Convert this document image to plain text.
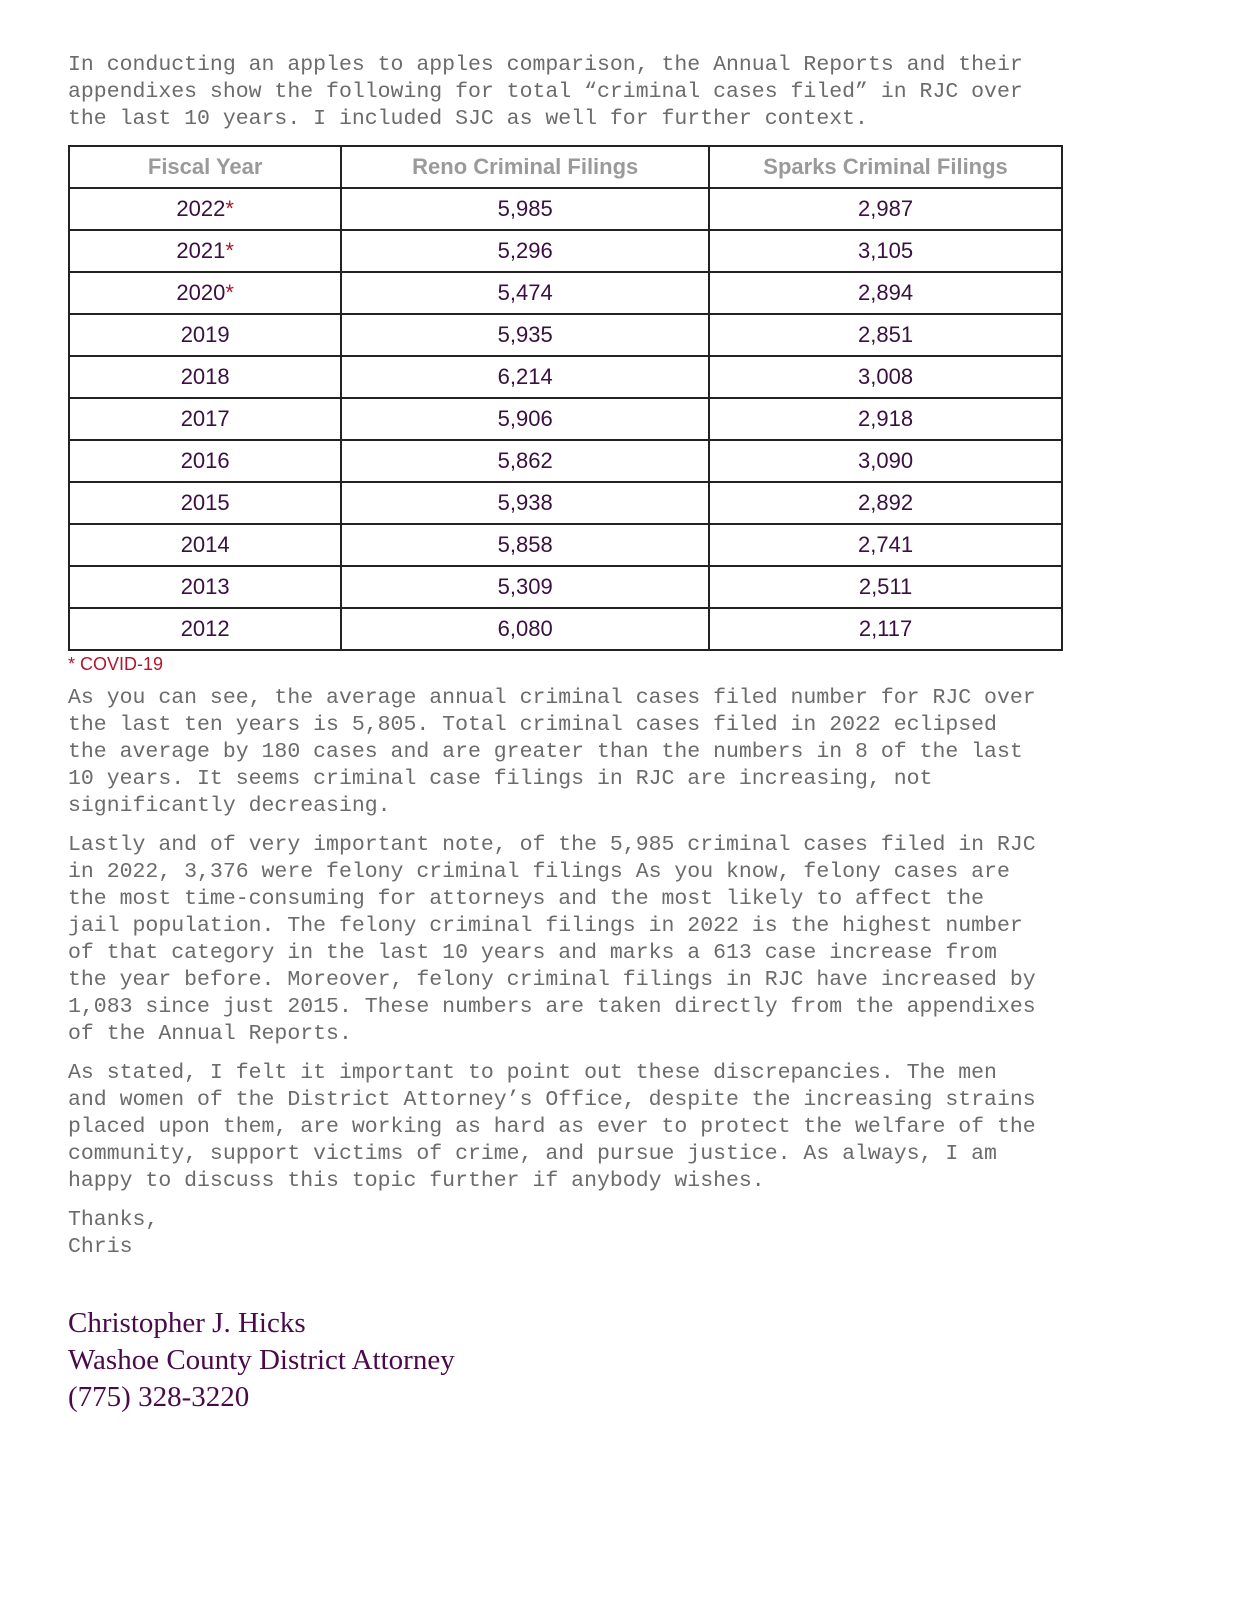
In conducting an apples to apples comparison, the Annual Reports and their
appendixes show the following for total “criminal cases filed” in RJC over
the last 10 years. I included SJC as well for further context.

Fiscal Year	Reno Criminal Filings	Sparks Criminal Filings
2022*	5,985	2,987
2021*	5,296	3,105
2020*	5,474	2,894
2019	5,935	2,851
2018	6,214	3,008
2017	5,906	2,918
2016	5,862	3,090
2015	5,938	2,892
2014	5,858	2,741
2013	5,309	2,511
2012	6,080	2,117
* COVID-19

As you can see, the average annual criminal cases filed number for RJC over
the last ten years is 5,805. Total criminal cases filed in 2022 eclipsed
the average by 180 cases and are greater than the numbers in 8 of the last
10 years. It seems criminal case filings in RJC are increasing, not
significantly decreasing.

Lastly and of very important note, of the 5,985 criminal cases filed in RJC
in 2022, 3,376 were felony criminal filings As you know, felony cases are
the most time-consuming for attorneys and the most likely to affect the
jail population. The felony criminal filings in 2022 is the highest number
of that category in the last 10 years and marks a 613 case increase from
the year before. Moreover, felony criminal filings in RJC have increased by
1,083 since just 2015. These numbers are taken directly from the appendixes
of the Annual Reports.

As stated, I felt it important to point out these discrepancies. The men
and women of the District Attorney’s Office, despite the increasing strains
placed upon them, are working as hard as ever to protect the welfare of the
community, support victims of crime, and pursue justice. As always, I am
happy to discuss this topic further if anybody wishes.

Thanks,
Chris

Christopher J. Hicks
Washoe County District Attorney
(775) 328-3220
